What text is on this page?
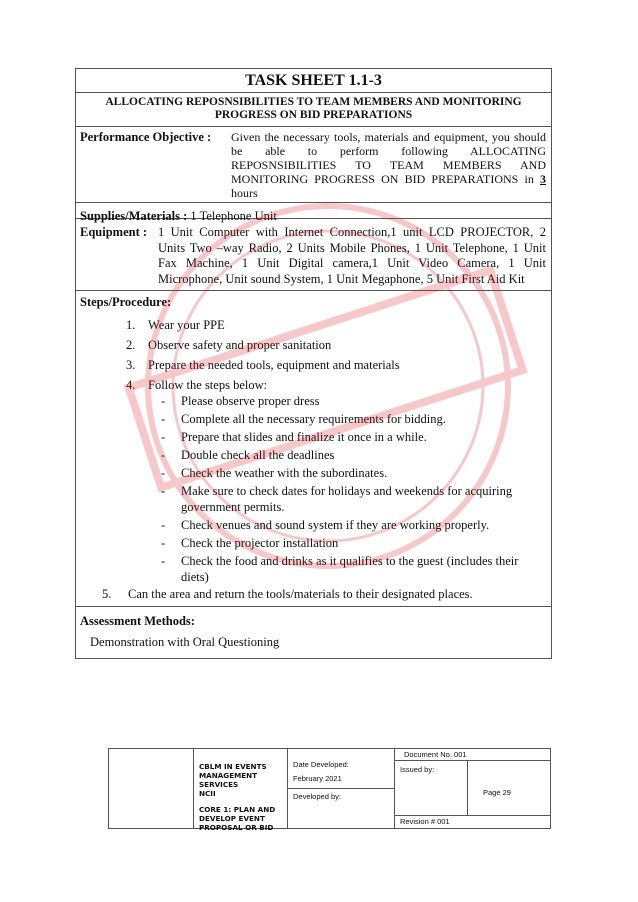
TASK SHEET 1.1-3
ALLOCATING REPOSNSIBILITIES TO TEAM MEMBERS AND MONITORING
PROGRESS ON BID PREPARATIONS
Performance Objective :	Given the necessary tools, materials and equipment, you should be able to perform following ALLOCATING REPOSNSIBILITIES TO TEAM MEMBERS AND MONITORING PROGRESS ON BID PREPARATIONS in 3 hours
Supplies/Materials : 1 Telephone Unit
Equipment : 1 Unit Computer with Internet Connection,1 unit LCD PROJECTOR, 2 Units Two –way Radio, 2 Units Mobile Phones, 1 Unit Telephone, 1 Unit Fax Machine, 1 Unit Digital camera,1 Unit Video Camera, 1 Unit Microphone, Unit sound System, 1 Unit Megaphone, 5 Unit First Aid Kit
Steps/Procedure:
1.	Wear your PPE
2.	Observe safety and proper sanitation
3.	Prepare the needed tools, equipment and materials
4.	Follow the steps below:
-	Please observe proper dress
-	Complete all the necessary requirements for bidding.
-	Prepare that slides and finalize it once in a while.
-	Double check all the deadlines
-	Check the weather with the subordinates.
-	Make sure to check dates for holidays and weekends for acquiring government permits.
-	Check venues and sound system if they are working properly.
-	Check the projector installation
-	Check the food and drinks as it qualifies to the guest (includes their diets)
5.	Can the area and return the tools/materials to their designated places.
Assessment Methods:
Demonstration with Oral Questioning
CBLM IN EVENTS
MANAGEMENT SERVICES
NCII
CORE 1: PLAN AND
DEVELOP EVENT
PROPOSAL OR BID
Date Developed:
February 2021
Developed by:
Document No. 001
Issued by:
Page 29
Revision # 001
